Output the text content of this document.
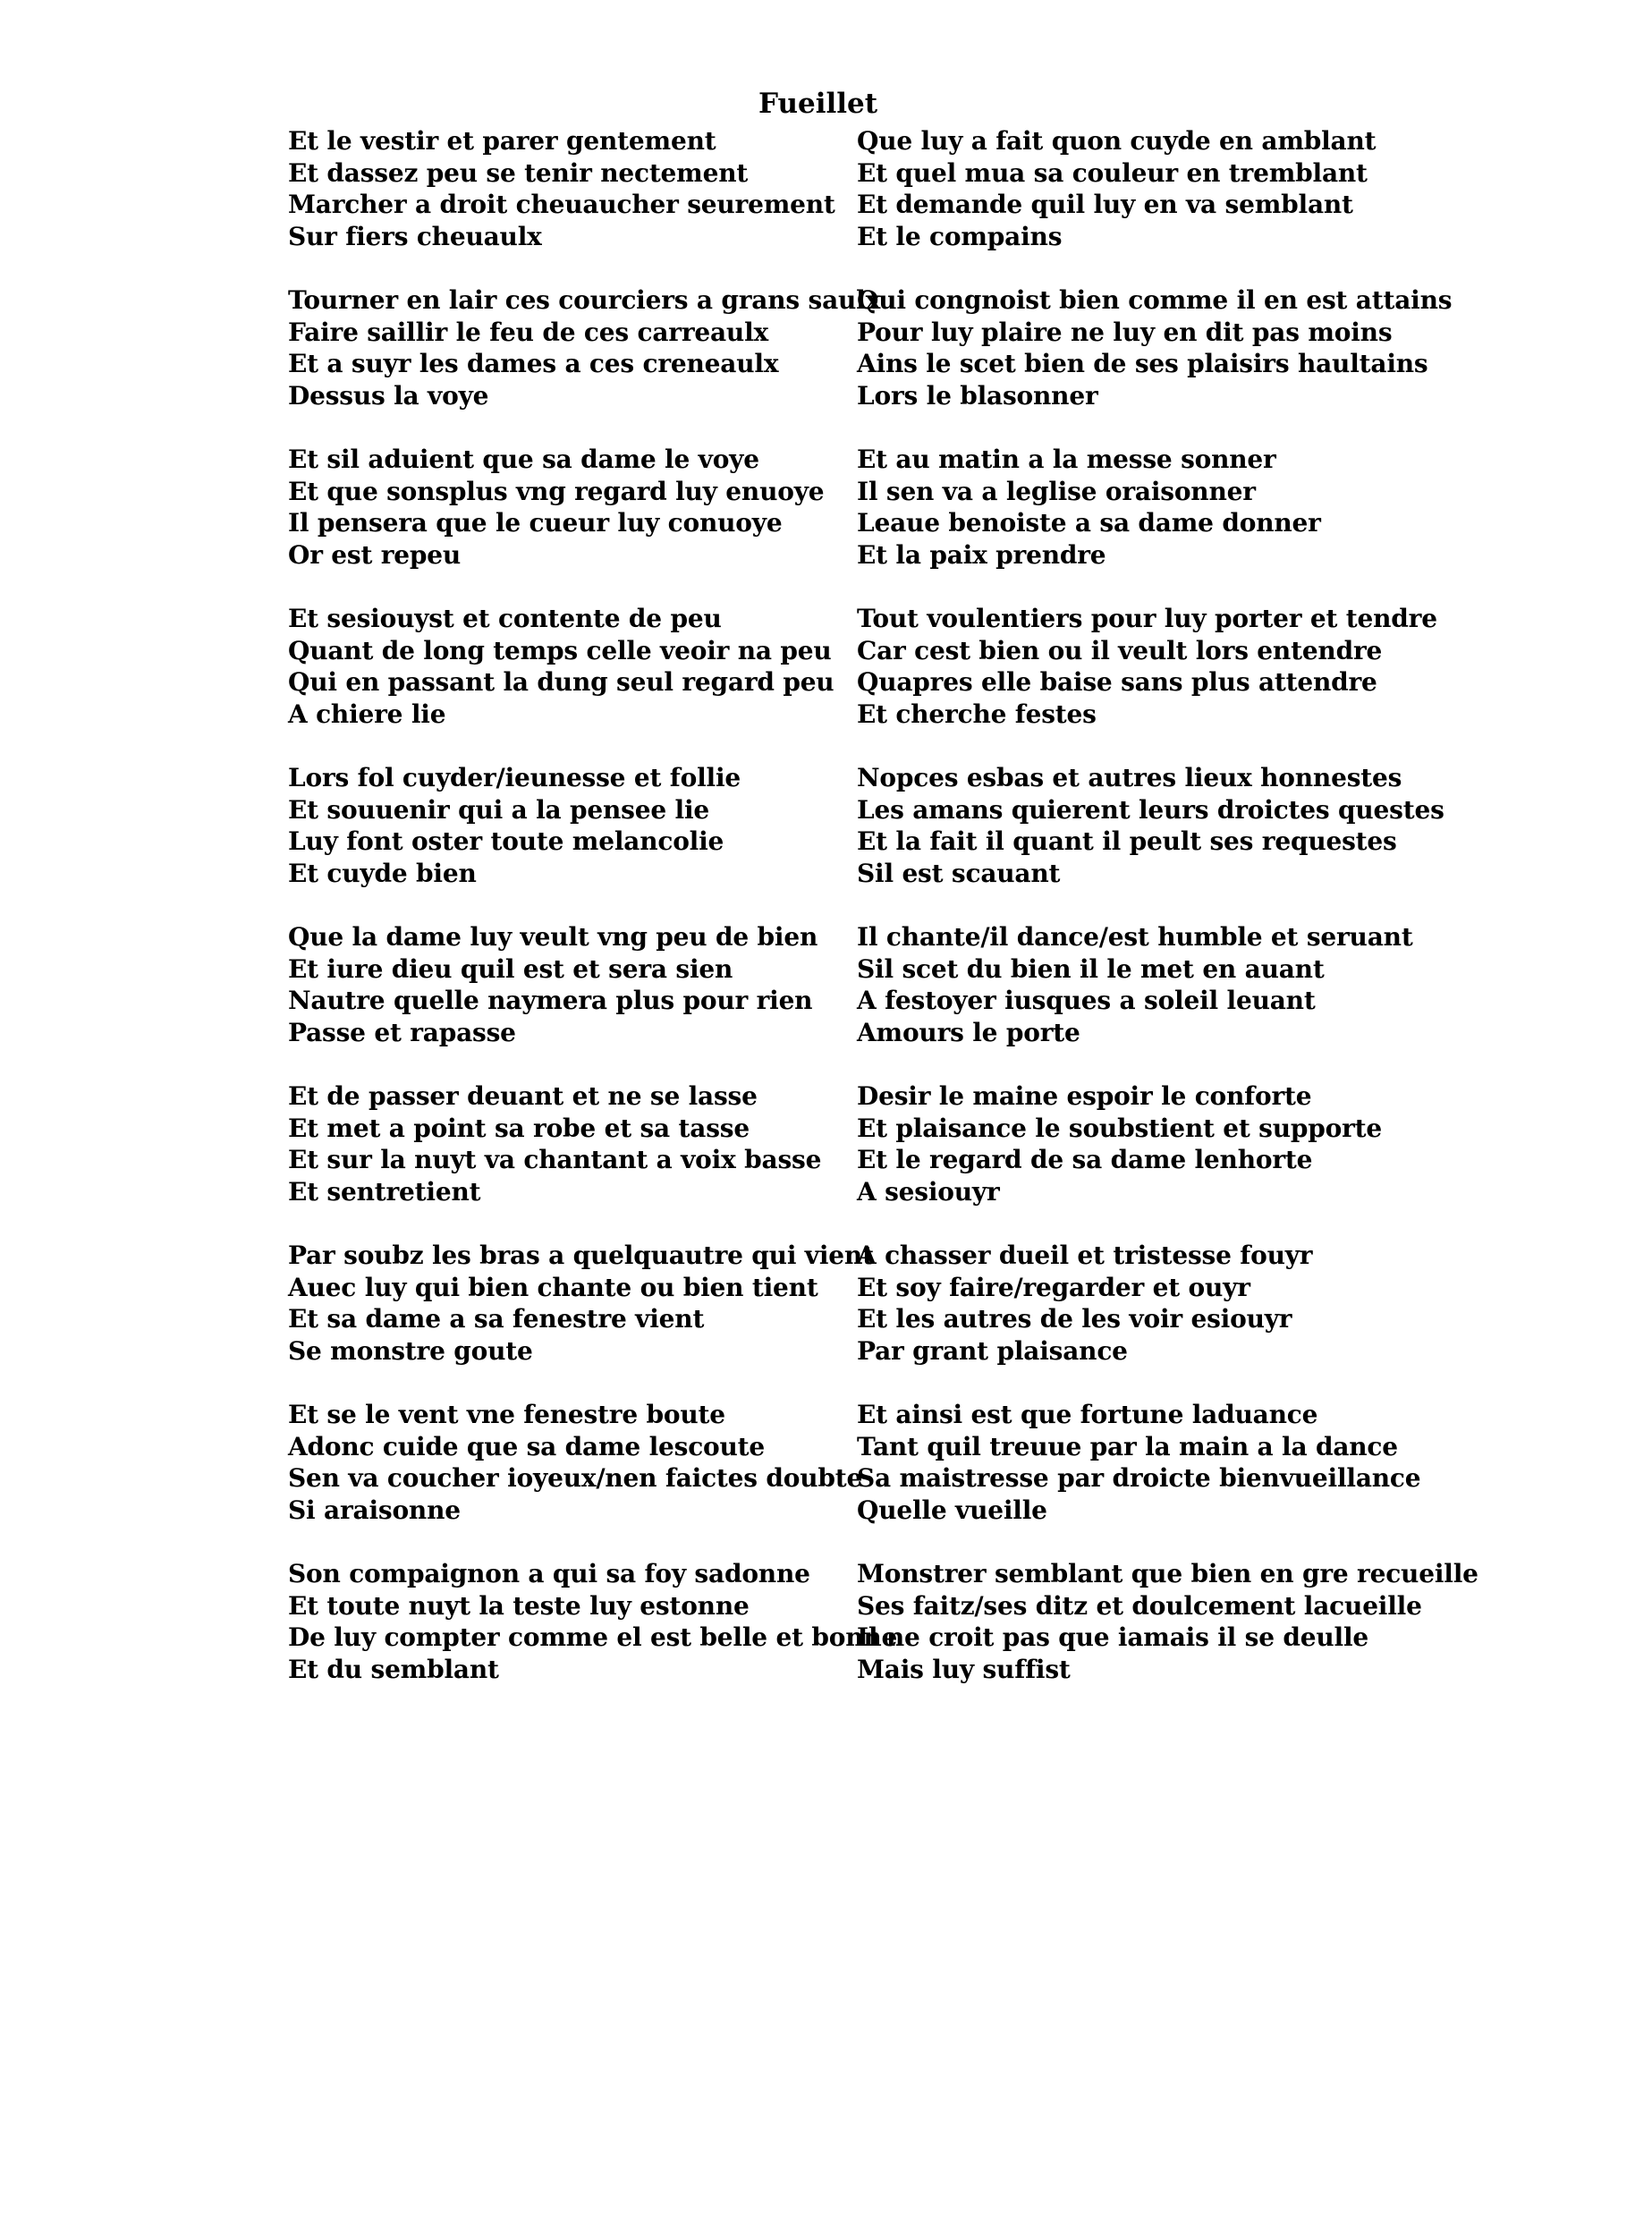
Fueillet
Et le vestir et parer gentement
Et dassez peu se tenir nectement
Marcher a droit cheuaucher seurement
Sur fiers cheuaulx
Tourner en lair ces courciers a grans saulx
Faire saillir le feu de ces carreaulx
Et a suyr les dames a ces creneaulx
Dessus la voye
Et sil aduient que sa dame le voye
Et que sonsplus vng regard luy enuoye
Il pensera que le cueur luy conuoye
Or est repeu
Et sesiouyst et contente de peu
Quant de long temps celle veoir na peu
Qui en passant la dung seul regard peu
A chiere lie
Lors fol cuyder/ieunesse et follie
Et souuenir qui a la pensee lie
Luy font oster toute melancolie
Et cuyde bien
Que la dame luy veult vng peu de bien
Et iure dieu quil est et sera sien
Nautre quelle naymera plus pour rien
Passe et rapasse
Et de passer deuant et ne se lasse
Et met a point sa robe et sa tasse
Et sur la nuyt va chantant a voix basse
Et sentretient
Par soubz les bras a quelquautre qui vient
Auec luy qui bien chante ou bien tient
Et sa dame a sa fenestre vient
Se monstre goute
Et se le vent vne fenestre boute
Adonc cuide que sa dame lescoute
Sen va coucher ioyeux/nen faictes doubte
Si araisonne
Son compaignon a qui sa foy sadonne
Et toute nuyt la teste luy estonne
De luy compter comme el est belle et bonne
Et du semblant
Que luy a fait quon cuyde en amblant
Et quel mua sa couleur en tremblant
Et demande quil luy en va semblant
Et le compains
Qui congnoist bien comme il en est attains
Pour luy plaire ne luy en dit pas moins
Ains le scet bien de ses plaisirs haultains
Lors le blasonner
Et au matin a la messe sonner
Il sen va a leglise oraisonner
Leaue benoiste a sa dame donner
Et la paix prendre
Tout voulentiers pour luy porter et tendre
Car cest bien ou il veult lors entendre
Quapres elle baise sans plus attendre
Et cherche festes
Nopces esbas et autres lieux honnestes
Les amans quierent leurs droictes questes
Et la fait il quant il peult ses requestes
Sil est scauant
Il chante/il dance/est humble et seruant
Sil scet du bien il le met en auant
A festoyer iusques a soleil leuant
Amours le porte
Desir le maine espoir le conforte
Et plaisance le soubstient et supporte
Et le regard de sa dame lenhorte
A sesiouyr
A chasser dueil et tristesse fouyr
Et soy faire/regarder et ouyr
Et les autres de les voir esiouyr
Par grant plaisance
Et ainsi est que fortune laduance
Tant quil treuue par la main a la dance
Sa maistresse par droicte bienvueillance
Quelle vueille
Monstrer semblant que bien en gre recueille
Ses faitz/ses ditz et doulcement lacueille
Il ne croit pas que iamais il se deulle
Mais luy suffist
